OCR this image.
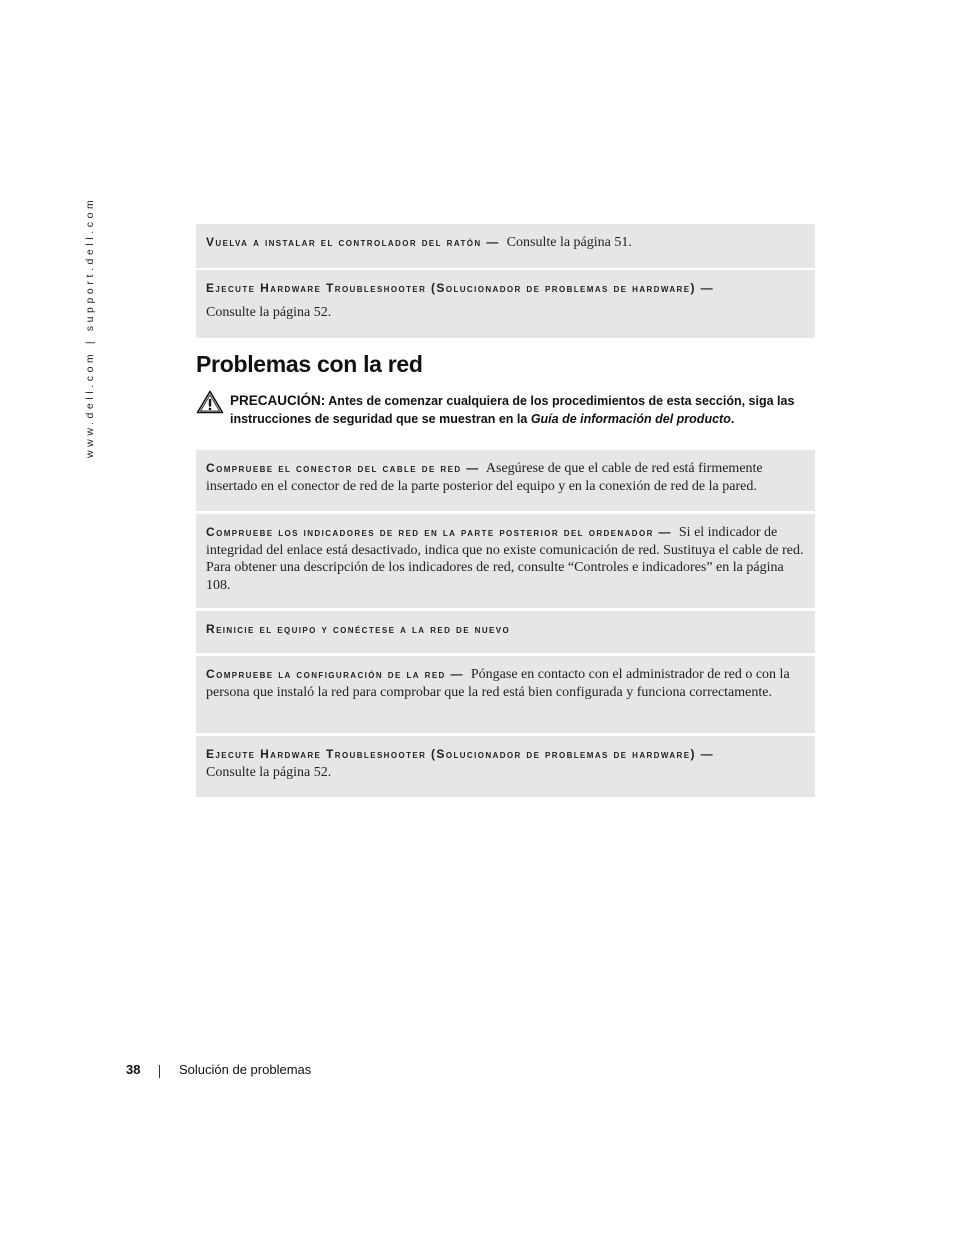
www.dell.com | support.dell.com	Vuelva a instalar el controlador del ratón — Consulte la página 51.
Ejecute Hardware Troubleshooter (Solucionador de problemas de hardware) —
Consulte la página 52.
Problemas con la red
PRECAUCIÓN: Antes de comenzar cualquiera de los procedimientos de esta sección, siga las instrucciones de seguridad que se muestran en la Guía de información del producto.
Compruebe el conector del cable de red — Asegúrese de que el cable de red está firmemente insertado en el conector de red de la parte posterior del equipo y en la conexión de red de la pared.
Compruebe los indicadores de red en la parte posterior del ordenador — Si el indicador de integridad del enlace está desactivado, indica que no existe comunicación de red. Sustituya el cable de red. Para obtener una descripción de los indicadores de red, consulte “Controles e indicadores” en la página 108.
Reinicie el equipo y conéctese a la red de nuevo
Compruebe la configuración de la red — Póngase en contacto con el administrador de red o con la persona que instaló la red para comprobar que la red está bien configurada y funciona correctamente.
Ejecute Hardware Troubleshooter (Solucionador de problemas de hardware) —
Consulte la página 52.
38	Solución de problemas
